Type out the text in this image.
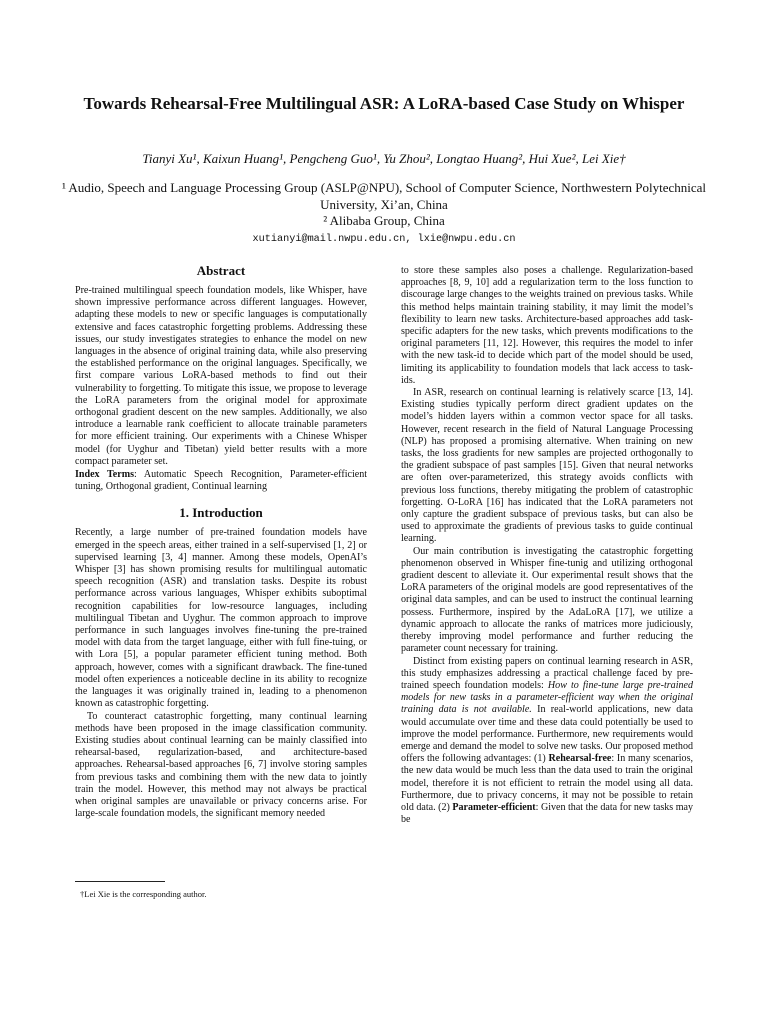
Towards Rehearsal-Free Multilingual ASR: A LoRA-based Case Study on Whisper
Tianyi Xu¹, Kaixun Huang¹, Pengcheng Guo¹, Yu Zhou², Longtao Huang², Hui Xue², Lei Xie†
¹ Audio, Speech and Language Processing Group (ASLP@NPU), School of Computer Science, Northwestern Polytechnical University, Xi’an, China
² Alibaba Group, China
xutianyi@mail.nwpu.edu.cn, lxie@nwpu.edu.cn
Abstract

Pre-trained multilingual speech foundation models, like Whisper, have shown impressive performance across different languages. However, adapting these models to new or specific languages is computationally extensive and faces catastrophic forgetting problems. Addressing these issues, our study investigates strategies to enhance the model on new languages in the absence of original training data, while also preserving the established performance on the original languages. Specifically, we first compare various LoRA-based methods to find out their vulnerability to forgetting. To mitigate this issue, we propose to leverage the LoRA parameters from the original model for approximate orthogonal gradient descent on the new samples. Additionally, we also introduce a learnable rank coefficient to allocate trainable parameters for more efficient training. Our experiments with a Chinese Whisper model (for Uyghur and Tibetan) yield better results with a more compact parameter set.

Index Terms: Automatic Speech Recognition, Parameter-efficient tuning, Orthogonal gradient, Continual learning

1. Introduction

Recently, a large number of pre-trained foundation models have emerged in the speech areas, either trained in a self-supervised [1, 2] or supervised learning [3, 4] manner. Among these models, OpenAI’s Whisper [3] has shown promising results for multilingual automatic speech recognition (ASR) and translation tasks. Despite its robust performance across various languages, Whisper exhibits suboptimal recognition capabilities for low-resource languages, including multilingual Tibetan and Uyghur. The common approach to improve performance in such languages involves fine-tuning the pre-trained model with data from the target language, either with full fine-tuing, or with Lora [5], a popular parameter efficient tuning method. Both approach, however, comes with a significant drawback. The fine-tuned model often experiences a noticeable decline in its ability to recognize the languages it was originally trained in, leading to a phenomenon known as catastrophic forgetting.

To counteract catastrophic forgetting, many continual learning methods have been proposed in the image classification community. Existing studies about continual learning can be mainly classified into rehearsal-based, regularization-based, and architecture-based approaches. Rehearsal-based approaches [6, 7] involve storing samples from previous tasks and combining them with the new data to jointly train the model. However, this method may not always be practical when original samples are unavailable or privacy concerns arise. For large-scale foundation models, the significant memory needed

†Lei Xie is the corresponding author.

to store these samples also poses a challenge. Regularization-based approaches [8, 9, 10] add a regularization term to the loss function to discourage large changes to the weights trained on previous tasks. While this method helps maintain training stability, it may limit the model’s flexibility to learn new tasks. Architecture-based approaches add task-specific adapters for the new tasks, which prevents modifications to the original parameters [11, 12]. However, this requires the model to infer with the new task-id to decide which part of the model should be used, limiting its applicability to foundation models that lack access to task-ids.

In ASR, research on continual learning is relatively scarce [13, 14]. Existing studies typically perform direct gradient updates on the model’s hidden layers within a common vector space for all tasks. However, recent research in the field of Natural Language Processing (NLP) has proposed a promising alternative. When training on new tasks, the loss gradients for new samples are projected orthogonally to the gradient subspace of past samples [15]. Given that neural networks are often over-parameterized, this strategy avoids conflicts with previous loss functions, thereby mitigating the problem of catastrophic forgetting. O-LoRA [16] has indicated that the LoRA parameters not only capture the gradient subspace of previous tasks, but can also be used to approximate the gradients of previous tasks to guide continual learning.

Our main contribution is investigating the catastrophic forgetting phenomenon observed in Whisper fine-tunig and utilizing orthogonal gradient descent to alleviate it. Our experimental result shows that the LoRA parameters of the original models are good representatives of the original data samples, and can be used to instruct the continual learning possess. Furthermore, inspired by the AdaLoRA [17], we utilize a dynamic approach to allocate the ranks of matrices more judiciously, thereby improving model performance and further reducing the parameter count necessary for training.

Distinct from existing papers on continual learning research in ASR, this study emphasizes addressing a practical challenge faced by pre-trained speech foundation models: How to fine-tune large pre-trained models for new tasks in a parameter-efficient way when the original training data is not available. In real-world applications, new data would accumulate over time and these data could potentially be used to improve the model performance. Furthermore, new requirements would emerge and demand the model to solve new tasks. Our proposed method offers the following advantages: (1) Rehearsal-free: In many scenarios, the new data would be much less than the data used to train the original model, therefore it is not efficient to retrain the model using all data. Furthermore, due to privacy concerns, it may not be possible to retain old data. (2) Parameter-efficient: Given that the data for new tasks may be
